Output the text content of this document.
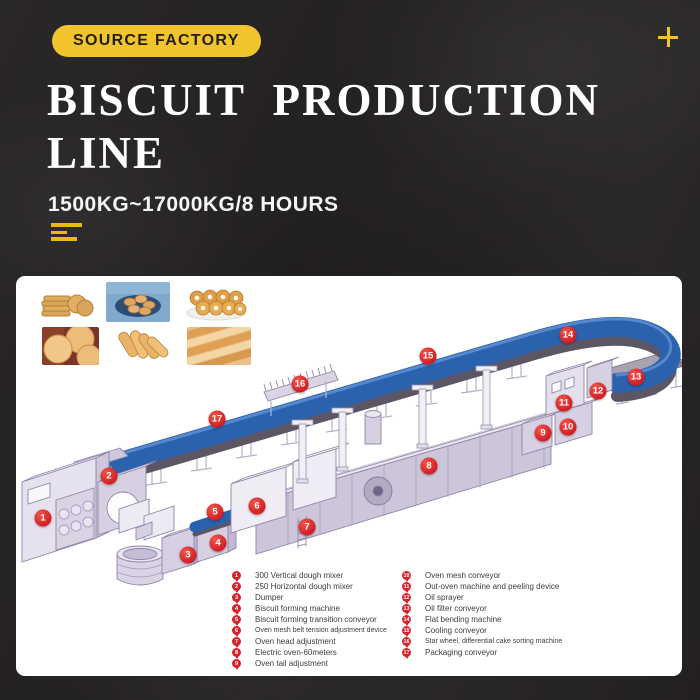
SOURCE FACTORY
BISCUIT PRODUCTION
LINE
1500KG~17000KG/8 HOURS
1
2
3
4
5
6
7
8
9
10
11
12
13
14
15
16
17
1	300 Vertical dough mixer
2	250 Horizontal dough mixer
3	Dumper
4	Biscuit forming machine
5	Biscuit forming transition conveyor
6	Oven mesh belt tension adjustment device
7	Oven head adjustment
8	Electric oven-60meters
9	Oven tail adjustment
10 Oven mesh conveyor
11 Out-oven machine and peeling device
12 Oil sprayer
13 Oil filter conveyor
14 Flat bending machine
15 Cooling conveyor
16 Star wheel, differential cake sorting machine
17 Packaging conveyor
